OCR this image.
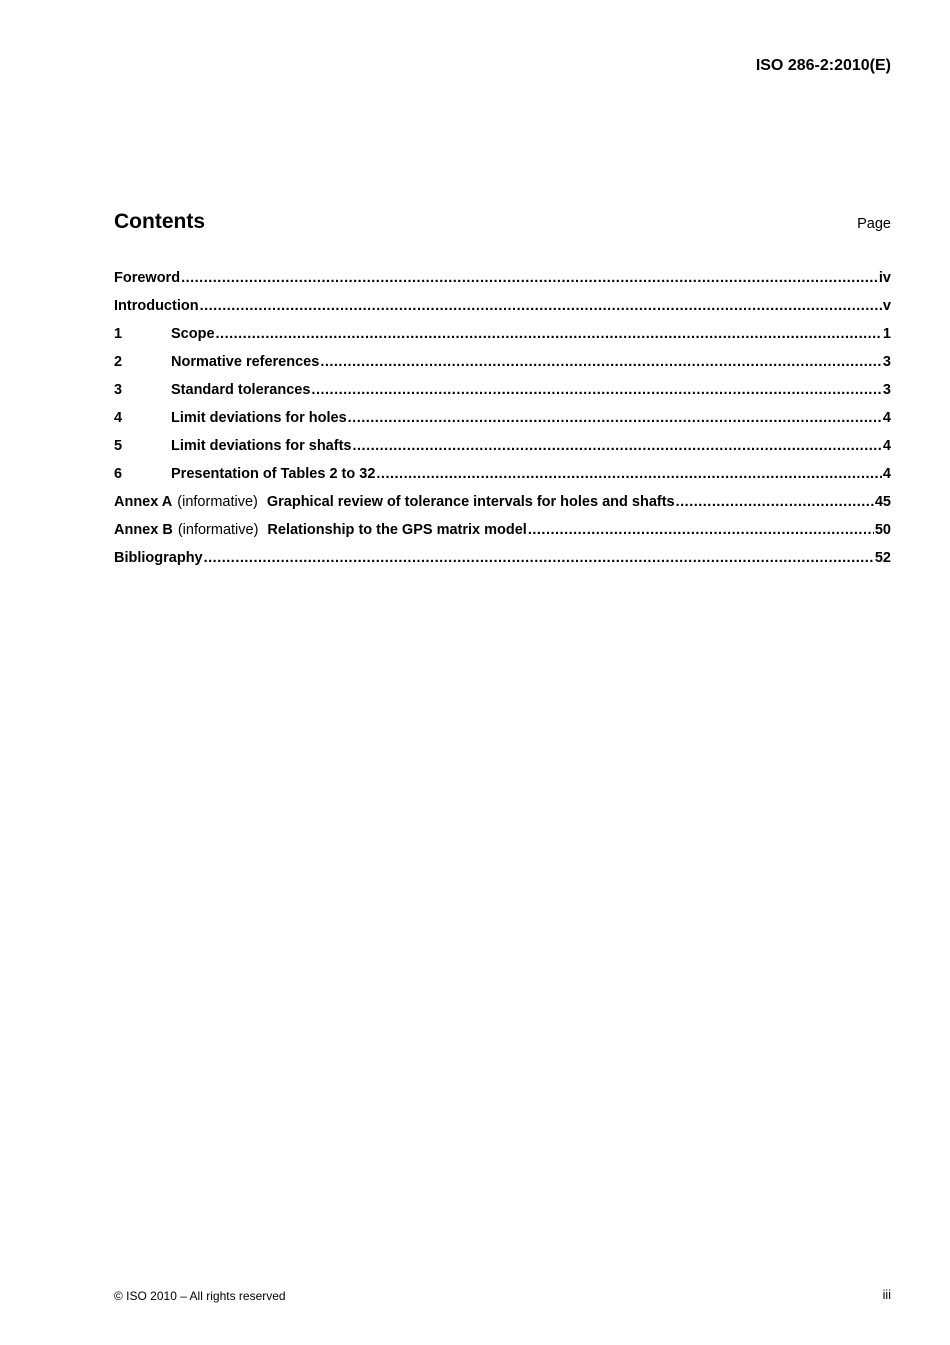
ISO 286-2:2010(E)
Contents	Page
Foreword .....	iv
Introduction .....	v
1	Scope .....	1
2	Normative references .....	3
3	Standard tolerances .....	3
4	Limit deviations for holes .....	4
5	Limit deviations for shafts .....	4
6	Presentation of Tables 2 to 32 .....	4
Annex A (informative) Graphical review of tolerance intervals for holes and shafts .....	45
Annex B (informative) Relationship to the GPS matrix model .....	50
Bibliography .....	52
© ISO 2010 – All rights reserved	iii
